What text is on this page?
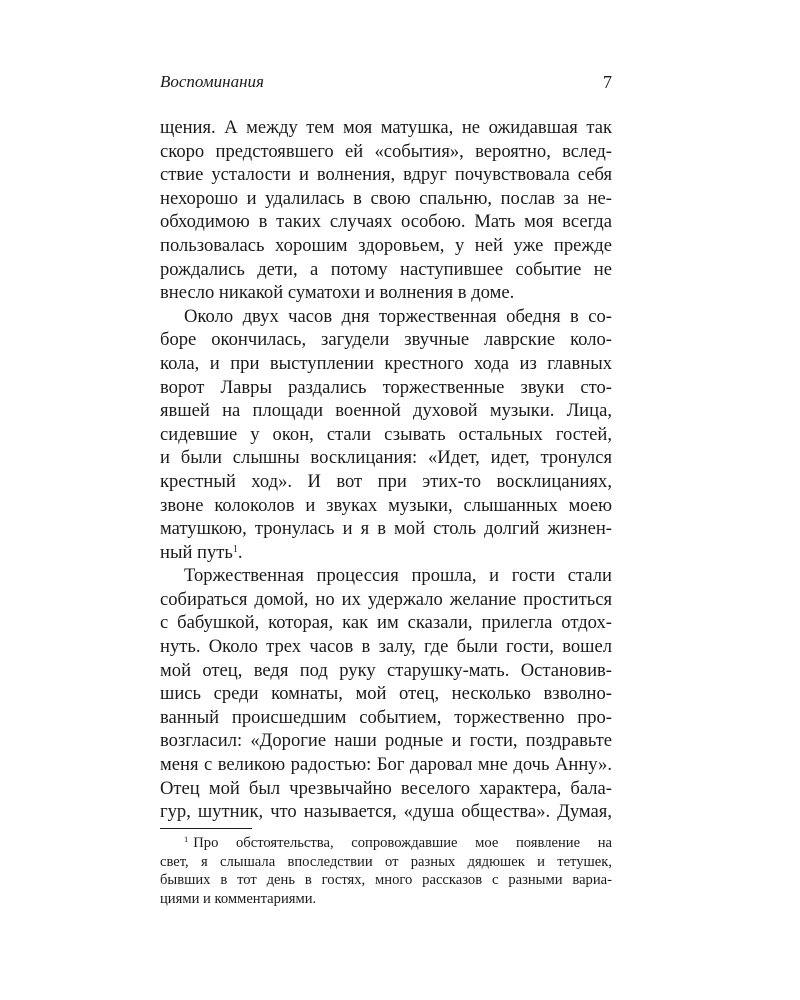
Воспоминания	7
щения. А между тем моя матушка, не ожидавшая так
скоро предстоявшего ей «события», вероятно, вслед-
ствие усталости и волнения, вдруг почувствовала себя
нехорошо и удалилась в свою спальню, послав за не-
обходимою в таких случаях особою. Мать моя всегда
пользовалась хорошим здоровьем, у ней уже прежде
рождались дети, а потому наступившее событие не
внесло никакой суматохи и волнения в доме.
Около двух часов дня торжественная обедня в со-
боре окончилась, загудели звучные лаврские коло-
кола, и при выступлении крестного хода из главных
ворот Лавры раздались торжественные звуки сто-
явшей на площади военной духовой музыки. Лица,
сидевшие у окон, стали сзывать остальных гостей,
и были слышны восклицания: «Идет, идет, тронулся
крестный ход». И вот при этих-то восклицаниях,
звоне колоколов и звуках музыки, слышанных моею
матушкою, тронулась и я в мой столь долгий жизнен-
ный путь$^1$.
Торжественная процессия прошла, и гости стали
собираться домой, но их удержало желание проститься
с бабушкой, которая, как им сказали, прилегла отдох-
нуть. Около трех часов в залу, где были гости, вошел
мой отец, ведя под руку старушку-мать. Остановив-
шись среди комнаты, мой отец, несколько взволно-
ванный происшедшим событием, торжественно про-
возгласил: «Дорогие наши родные и гости, поздравьте
меня с великою радостью: Бог даровал мне дочь Анну».
Отец мой был чрезвычайно веселого характера, бала-
гур, шутник, что называется, «душа общества». Думая,
$^1$ Про обстоятельства, сопровождавшие мое появление на
свет, я слышала впоследствии от разных дядюшек и тетушек,
бывших в тот день в гостях, много рассказов с разными вариа-
циями и комментариями.
